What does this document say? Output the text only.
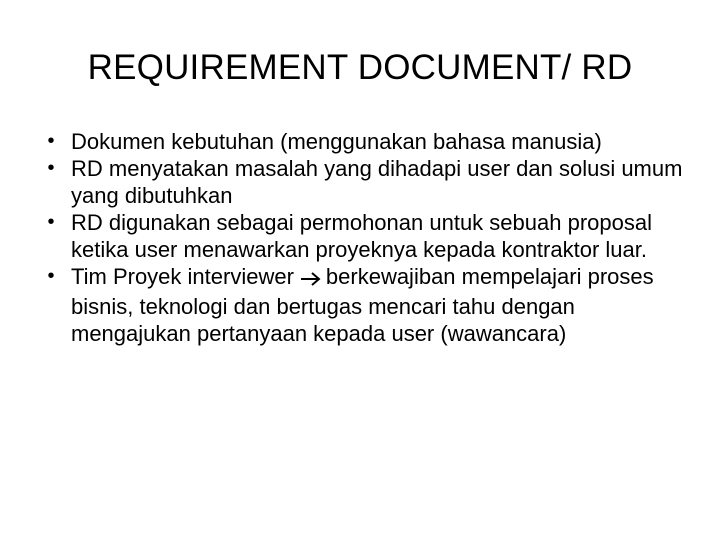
REQUIREMENT DOCUMENT/ RD
• Dokumen kebutuhan (menggunakan bahasa manusia)
• RD menyatakan masalah yang dihadapi user dan solusi umum yang dibutuhkan
• RD digunakan sebagai permohonan untuk sebuah proposal ketika user menawarkan proyeknya kepada kontraktor luar.
• Tim Proyek interviewer berkewajiban mempelajari proses bisnis, teknologi dan bertugas mencari tahu dengan mengajukan pertanyaan kepada user (wawancara)
